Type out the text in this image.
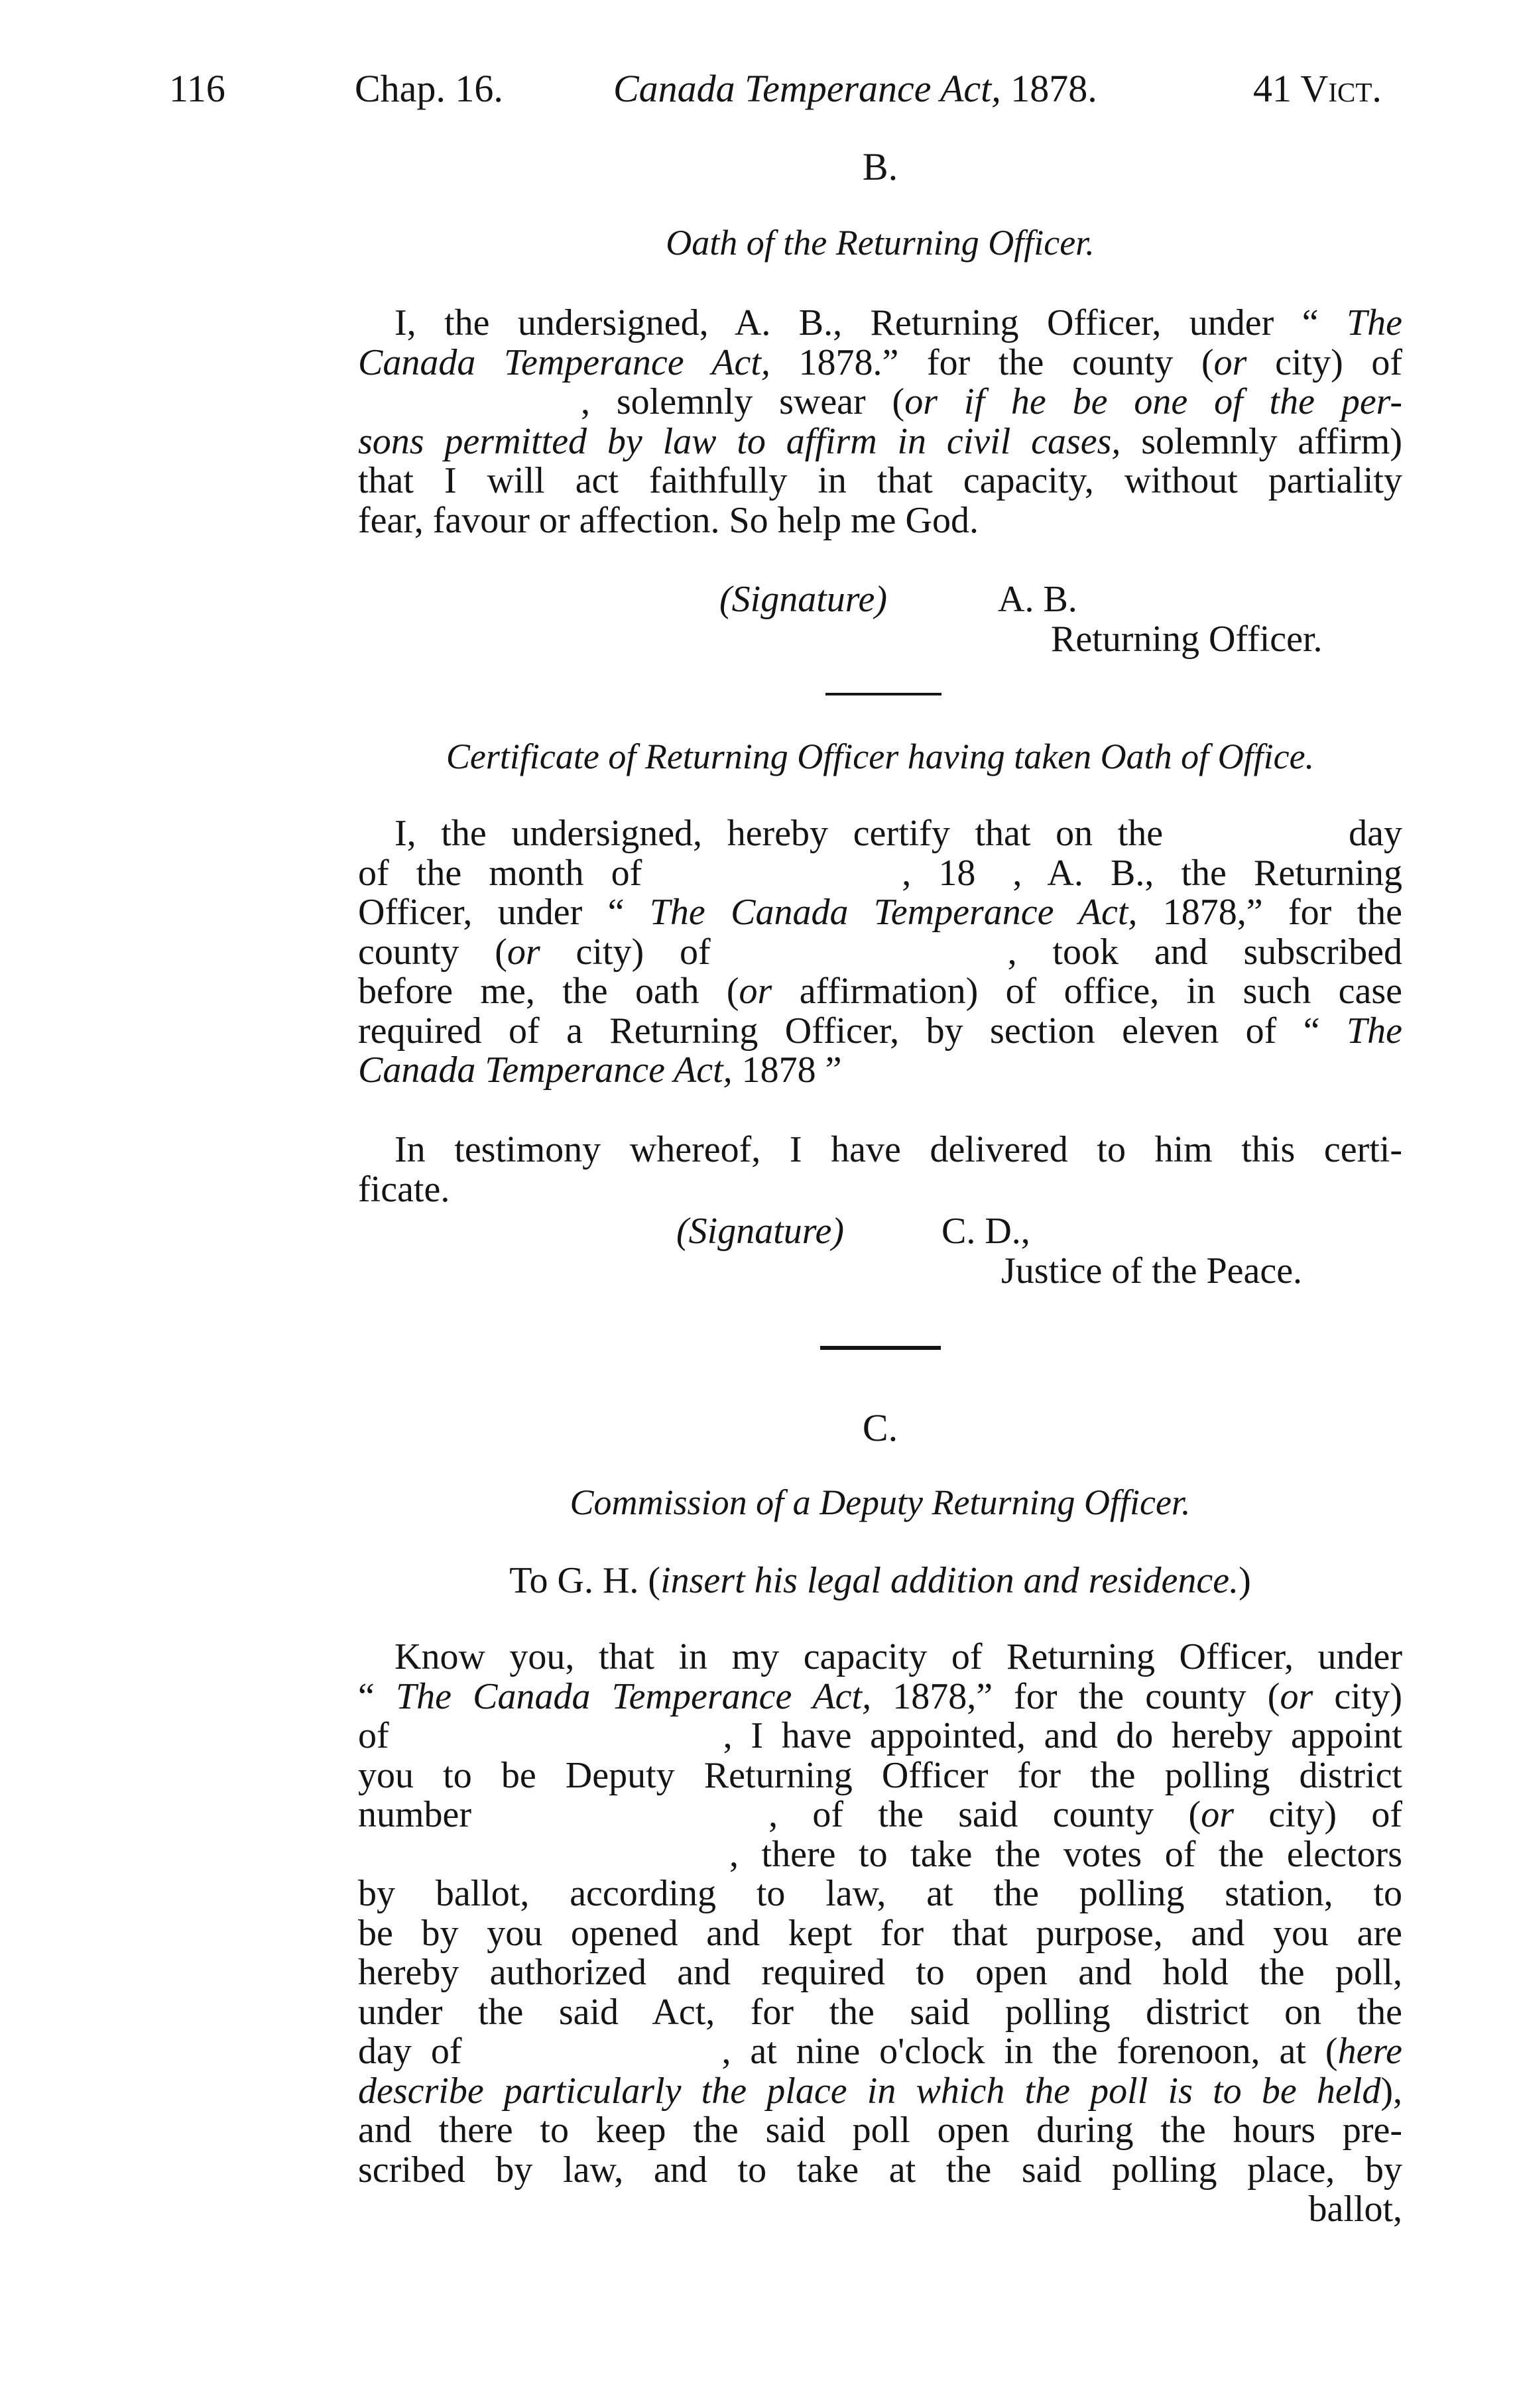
116	Chap. 16.	Canada Temperance Act, 1878.	41 Vict.
B.
Oath of the Returning Officer.
I, the undersigned, A. B., Returning Officer, under “ The
Canada Temperance Act, 1878.” for the county (or city) of
      , solemnly swear (or if he be one of the per-
sons permitted by law to affirm in civil cases, solemnly affirm)
that I will act faithfully in that capacity, without partiality
fear, favour or affection. So help me God.
(Signature)	A. B.
Returning Officer.
Certificate of Returning Officer having taken Oath of Office.
I, the undersigned, hereby certify that on the     day
of the month of       , 18 , A. B., the Returning
Officer, under “ The Canada Temperance Act, 1878,” for the
county (or city) of        , took and subscribed
before me, the oath (or affirmation) of office, in such case
required of a Returning Officer, by section eleven of “ The
Canada Temperance Act, 1878 ”
In testimony whereof, I have delivered to him this certi-
ficate.
(Signature)	C. D.,
Justice of the Peace.
C.
Commission of a Deputy Returning Officer.
To G. H. (insert his legal addition and residence.)
Know you, that in my capacity of Returning Officer, under
“ The Canada Temperance Act, 1878,” for the county (or city)
of         , I have appointed, and do hereby appoint
you to be Deputy Returning Officer for the polling district
number        , of the said county (or city) of
          , there to take the votes of the electors
by ballot, according to law, at the polling station, to
be by you opened and kept for that purpose, and you are
hereby authorized and required to open and hold the poll,
under the said Act, for the said polling district on the
day of       , at nine o'clock in the forenoon, at (here
describe particularly the place in which the poll is to be held),
and there to keep the said poll open during the hours pre-
scribed by law, and to take at the said polling place, by
ballot,
